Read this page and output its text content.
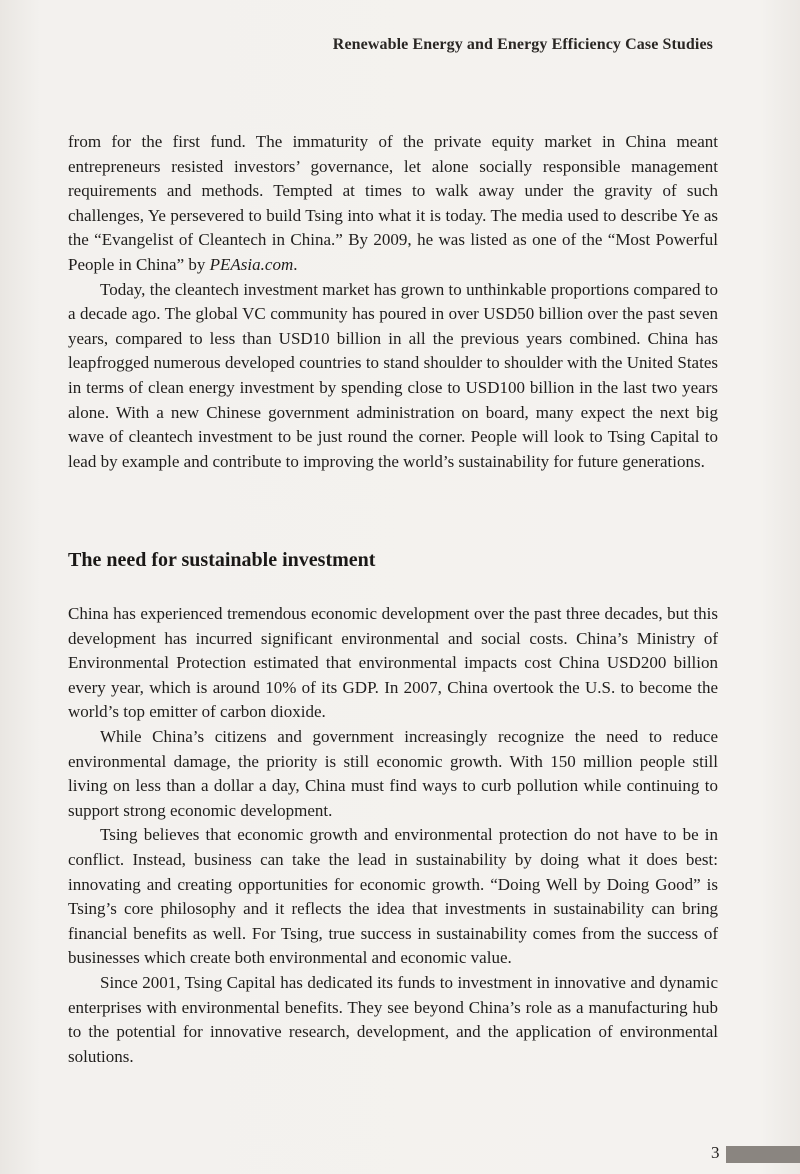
Renewable Energy and Energy Efficiency Case Studies

from for the first fund. The immaturity of the private equity market in China meant entrepreneurs resisted investors’ governance, let alone socially responsible management requirements and methods. Tempted at times to walk away under the gravity of such challenges, Ye persevered to build Tsing into what it is today. The media used to describe Ye as the “Evangelist of Cleantech in China.” By 2009, he was listed as one of the “Most Powerful People in China” by PEAsia.com.

Today, the cleantech investment market has grown to unthinkable proportions compared to a decade ago. The global VC community has poured in over USD50 billion over the past seven years, compared to less than USD10 billion in all the previous years combined. China has leapfrogged numerous developed countries to stand shoulder to shoulder with the United States in terms of clean energy investment by spending close to USD100 billion in the last two years alone. With a new Chinese government administration on board, many expect the next big wave of cleantech investment to be just round the corner. People will look to Tsing Capital to lead by example and contribute to improving the world’s sustainability for future generations.

The need for sustainable investment

China has experienced tremendous economic development over the past three decades, but this development has incurred significant environmental and social costs. China’s Ministry of Environmental Protection estimated that environmental impacts cost China USD200 billion every year, which is around 10% of its GDP. In 2007, China overtook the U.S. to become the world’s top emitter of carbon dioxide.

While China’s citizens and government increasingly recognize the need to reduce environmental damage, the priority is still economic growth. With 150 million people still living on less than a dollar a day, China must find ways to curb pollution while continuing to support strong economic development.

Tsing believes that economic growth and environmental protection do not have to be in conflict. Instead, business can take the lead in sustainability by doing what it does best: innovating and creating opportunities for economic growth. “Doing Well by Doing Good” is Tsing’s core philosophy and it reflects the idea that investments in sustainability can bring financial benefits as well. For Tsing, true success in sustainability comes from the success of businesses which create both environmental and economic value.

Since 2001, Tsing Capital has dedicated its funds to investment in innovative and dynamic enterprises with environmental benefits. They see beyond China’s role as a manufacturing hub to the potential for innovative research, development, and the application of environmental solutions.

3
